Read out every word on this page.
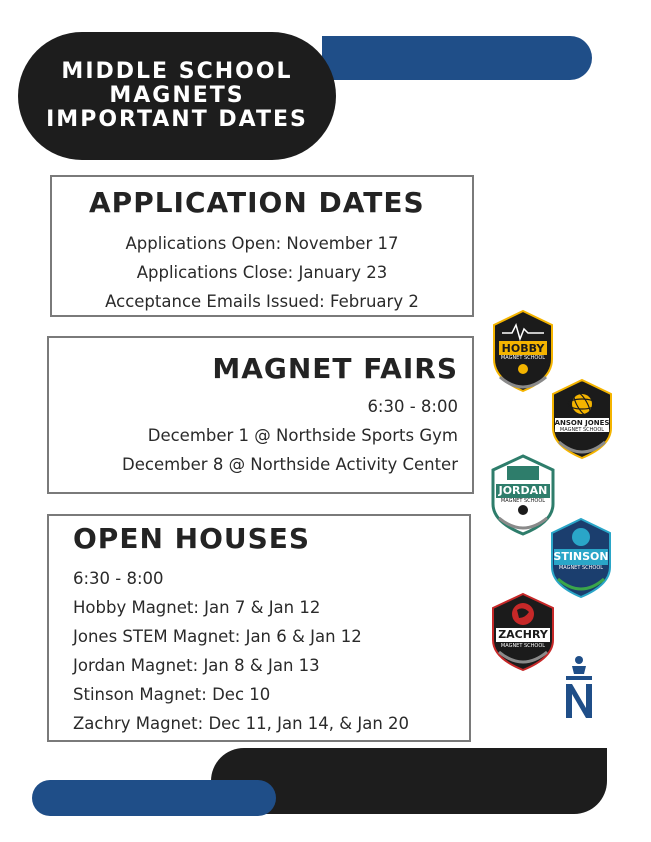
MIDDLE SCHOOL
MAGNETS
IMPORTANT DATES
APPLICATION DATES
Applications Open: November 17
Applications Close: January 23
Acceptance Emails Issued: February 2
MAGNET FAIRS
6:30 - 8:00
December 1 @ Northside Sports Gym
December 8 @ Northside Activity Center
OPEN HOUSES
6:30 - 8:00
Hobby Magnet: Jan 7 & Jan 12
Jones STEM Magnet: Jan 6 & Jan 12
Jordan Magnet: Jan 8 & Jan 13
Stinson Magnet: Dec 10
Zachry Magnet: Dec 11, Jan 14, & Jan 20
HOBBY
MAGNET SCHOOL
ANSON JONES
MAGNET SCHOOL
JORDAN
MAGNET SCHOOL
STINSON
MAGNET SCHOOL
ZACHRY
MAGNET SCHOOL
